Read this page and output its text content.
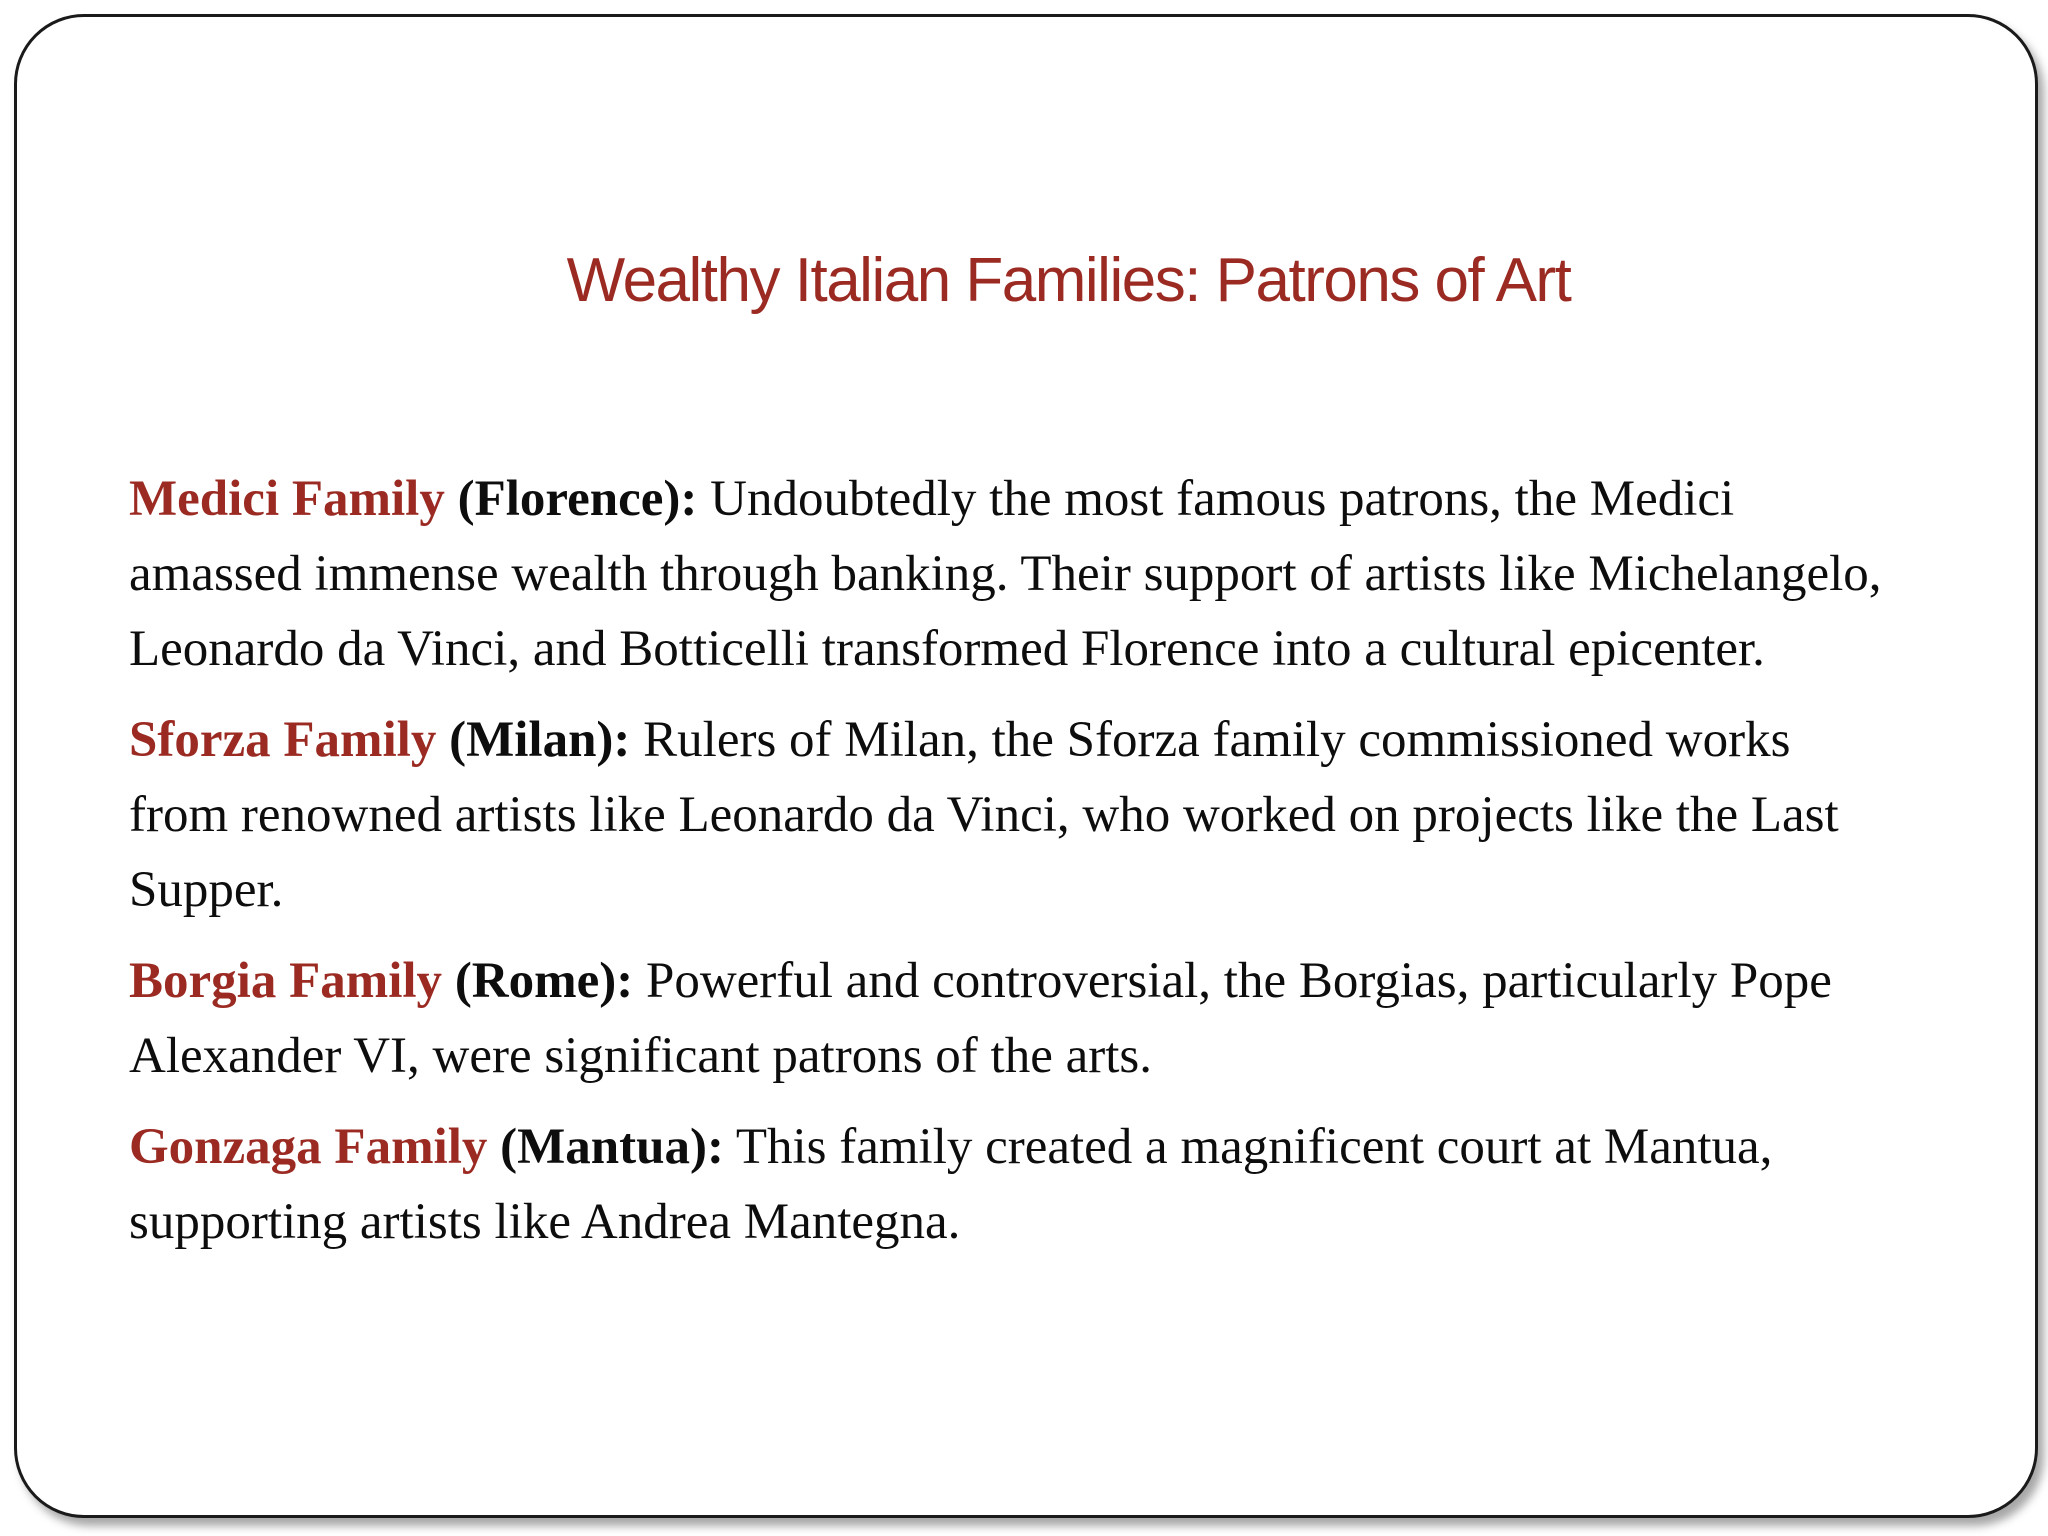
Wealthy Italian Families: Patrons of Art

Medici Family (Florence): Undoubtedly the most famous patrons, the Medici amassed immense wealth through banking. Their support of artists like Michelangelo, Leonardo da Vinci, and Botticelli transformed Florence into a cultural epicenter.

Sforza Family (Milan): Rulers of Milan, the Sforza family commissioned works from renowned artists like Leonardo da Vinci, who worked on projects like the Last Supper.

Borgia Family (Rome): Powerful and controversial, the Borgias, particularly Pope Alexander VI, were significant patrons of the arts.

Gonzaga Family (Mantua): This family created a magnificent court at Mantua, supporting artists like Andrea Mantegna.
